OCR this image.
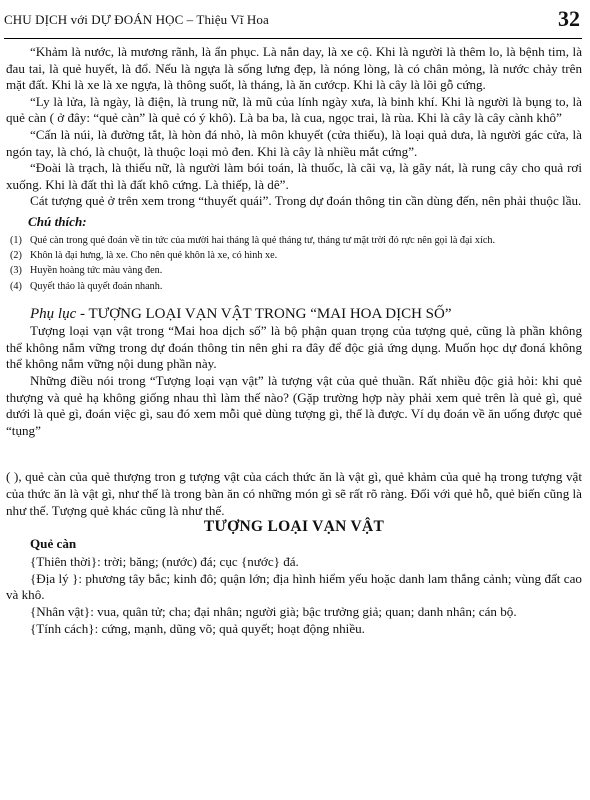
CHU DỊCH với DỰ ĐOÁN HỌC – Thiệu Vĩ Hoa	32

“Khảm là nước, là mương rãnh, là ẩn phục. Là nắn day, là xe cộ. Khi là người là thêm lo, là bệnh tim, là đau tai, là quẻ huyết, là đổ. Nếu là ngựa là sống lưng đẹp, là nóng lòng, là có chân mỏng, là nước chảy trên mặt đất. Khi là xe là xe ngựa, là thông suốt, là tháng, là ăn cướcp. Khi là cây là lõi gỗ cứng.

“Ly là lửa, là ngày, là điện, là trung nữ, là mũ của lính ngày xưa, là binh khí. Khi là người là bụng to, là quẻ càn ( ở đây: “quẻ càn” là quẻ có ý khô). Là ba ba, là cua, ngọc trai, là rùa. Khi là cây là cây cành khô”

“Cấn là núi, là đường tắt, là hòn đá nhỏ, là môn khuyết (cửa thiếu), là loại quả dưa, là người gác cửa, là ngón tay, là chó, là chuột, là thuộc loại mỏ đen. Khi là cây là nhiều mắt cứng”.

“Đoài là trạch, là thiếu nữ, là người làm bói toán, là thuốc, là cãi vạ, là gãy nát, là rung cây cho quả rơi xuống. Khi là đất thì là đất khô cứng. Là thiếp, là dê”.

Cát tượng quẻ ở trên xem trong “thuyết quái”. Trong dự đoán thông tin cần dùng đến, nên phải thuộc lầu.

Chú thích:

(1) Quẻ càn trong quẻ đoán về tin tức của mười hai tháng là quẻ tháng tư, tháng tư mặt trời đỏ rực nên gọi là đại xích.
(2) Khôn là đại hưng, là xe. Cho nên quẻ khôn là xe, có hình xe.
(3) Huyền hoàng tức màu vàng đen.
(4) Quyết tháo là quyết đoán nhanh.

Phụ lục - TƯỢNG LOẠI VẠN VẬT TRONG “MAI HOA DỊCH SỐ”

Tượng loại vạn vật trong “Mai hoa dịch số” là bộ phận quan trọng của tượng quẻ, cũng là phần không thể không nắm vững trong dự đoán thông tin nên ghi ra đây để độc giả ứng dụng. Muốn học dự đoná không thể không nắm vững nội dung phần này.

Những điều nói trong “Tượng loại vạn vật” là tượng vật của quẻ thuần. Rất nhiều độc giả hỏi: khi quẻ thượng và quẻ hạ không giống nhau thì làm thế nào? (Gặp trường hợp này phải xem quẻ trên là quẻ gì, quẻ dưới là quẻ gì, đoán việc gì, sau đó xem mỗi quẻ dùng tượng gì, thế là được. Ví dụ đoán về ăn uống được quẻ “tụng”

( ), quẻ càn của quẻ thượng tron g tượng vật của cách thức ăn là vật gì, quẻ khảm của quẻ hạ trong tượng vật của thức ăn là vật gì, như thế là trong bàn ăn có những món gì sẽ rất rõ ràng. Đối với quẻ hỗ, quẻ biến cũng là như thế. Tượng quẻ khác cũng là như thế.

TƯỢNG LOẠI VẠN VẬT

Quẻ càn

{Thiên thời}: trời; băng; (nước) đá; cục {nước} đá.

{Địa lý }: phương tây bắc; kinh đô; quận lớn; địa hình hiểm yếu hoặc danh lam thắng cảnh; vùng đất cao và khô.

{Nhân vật}: vua, quân tử; cha; đại nhân; người già; bậc trưởng giả; quan; danh nhân; cán bộ.

{Tính cách}: cứng, mạnh, dũng võ; quả quyết; hoạt động nhiều.
